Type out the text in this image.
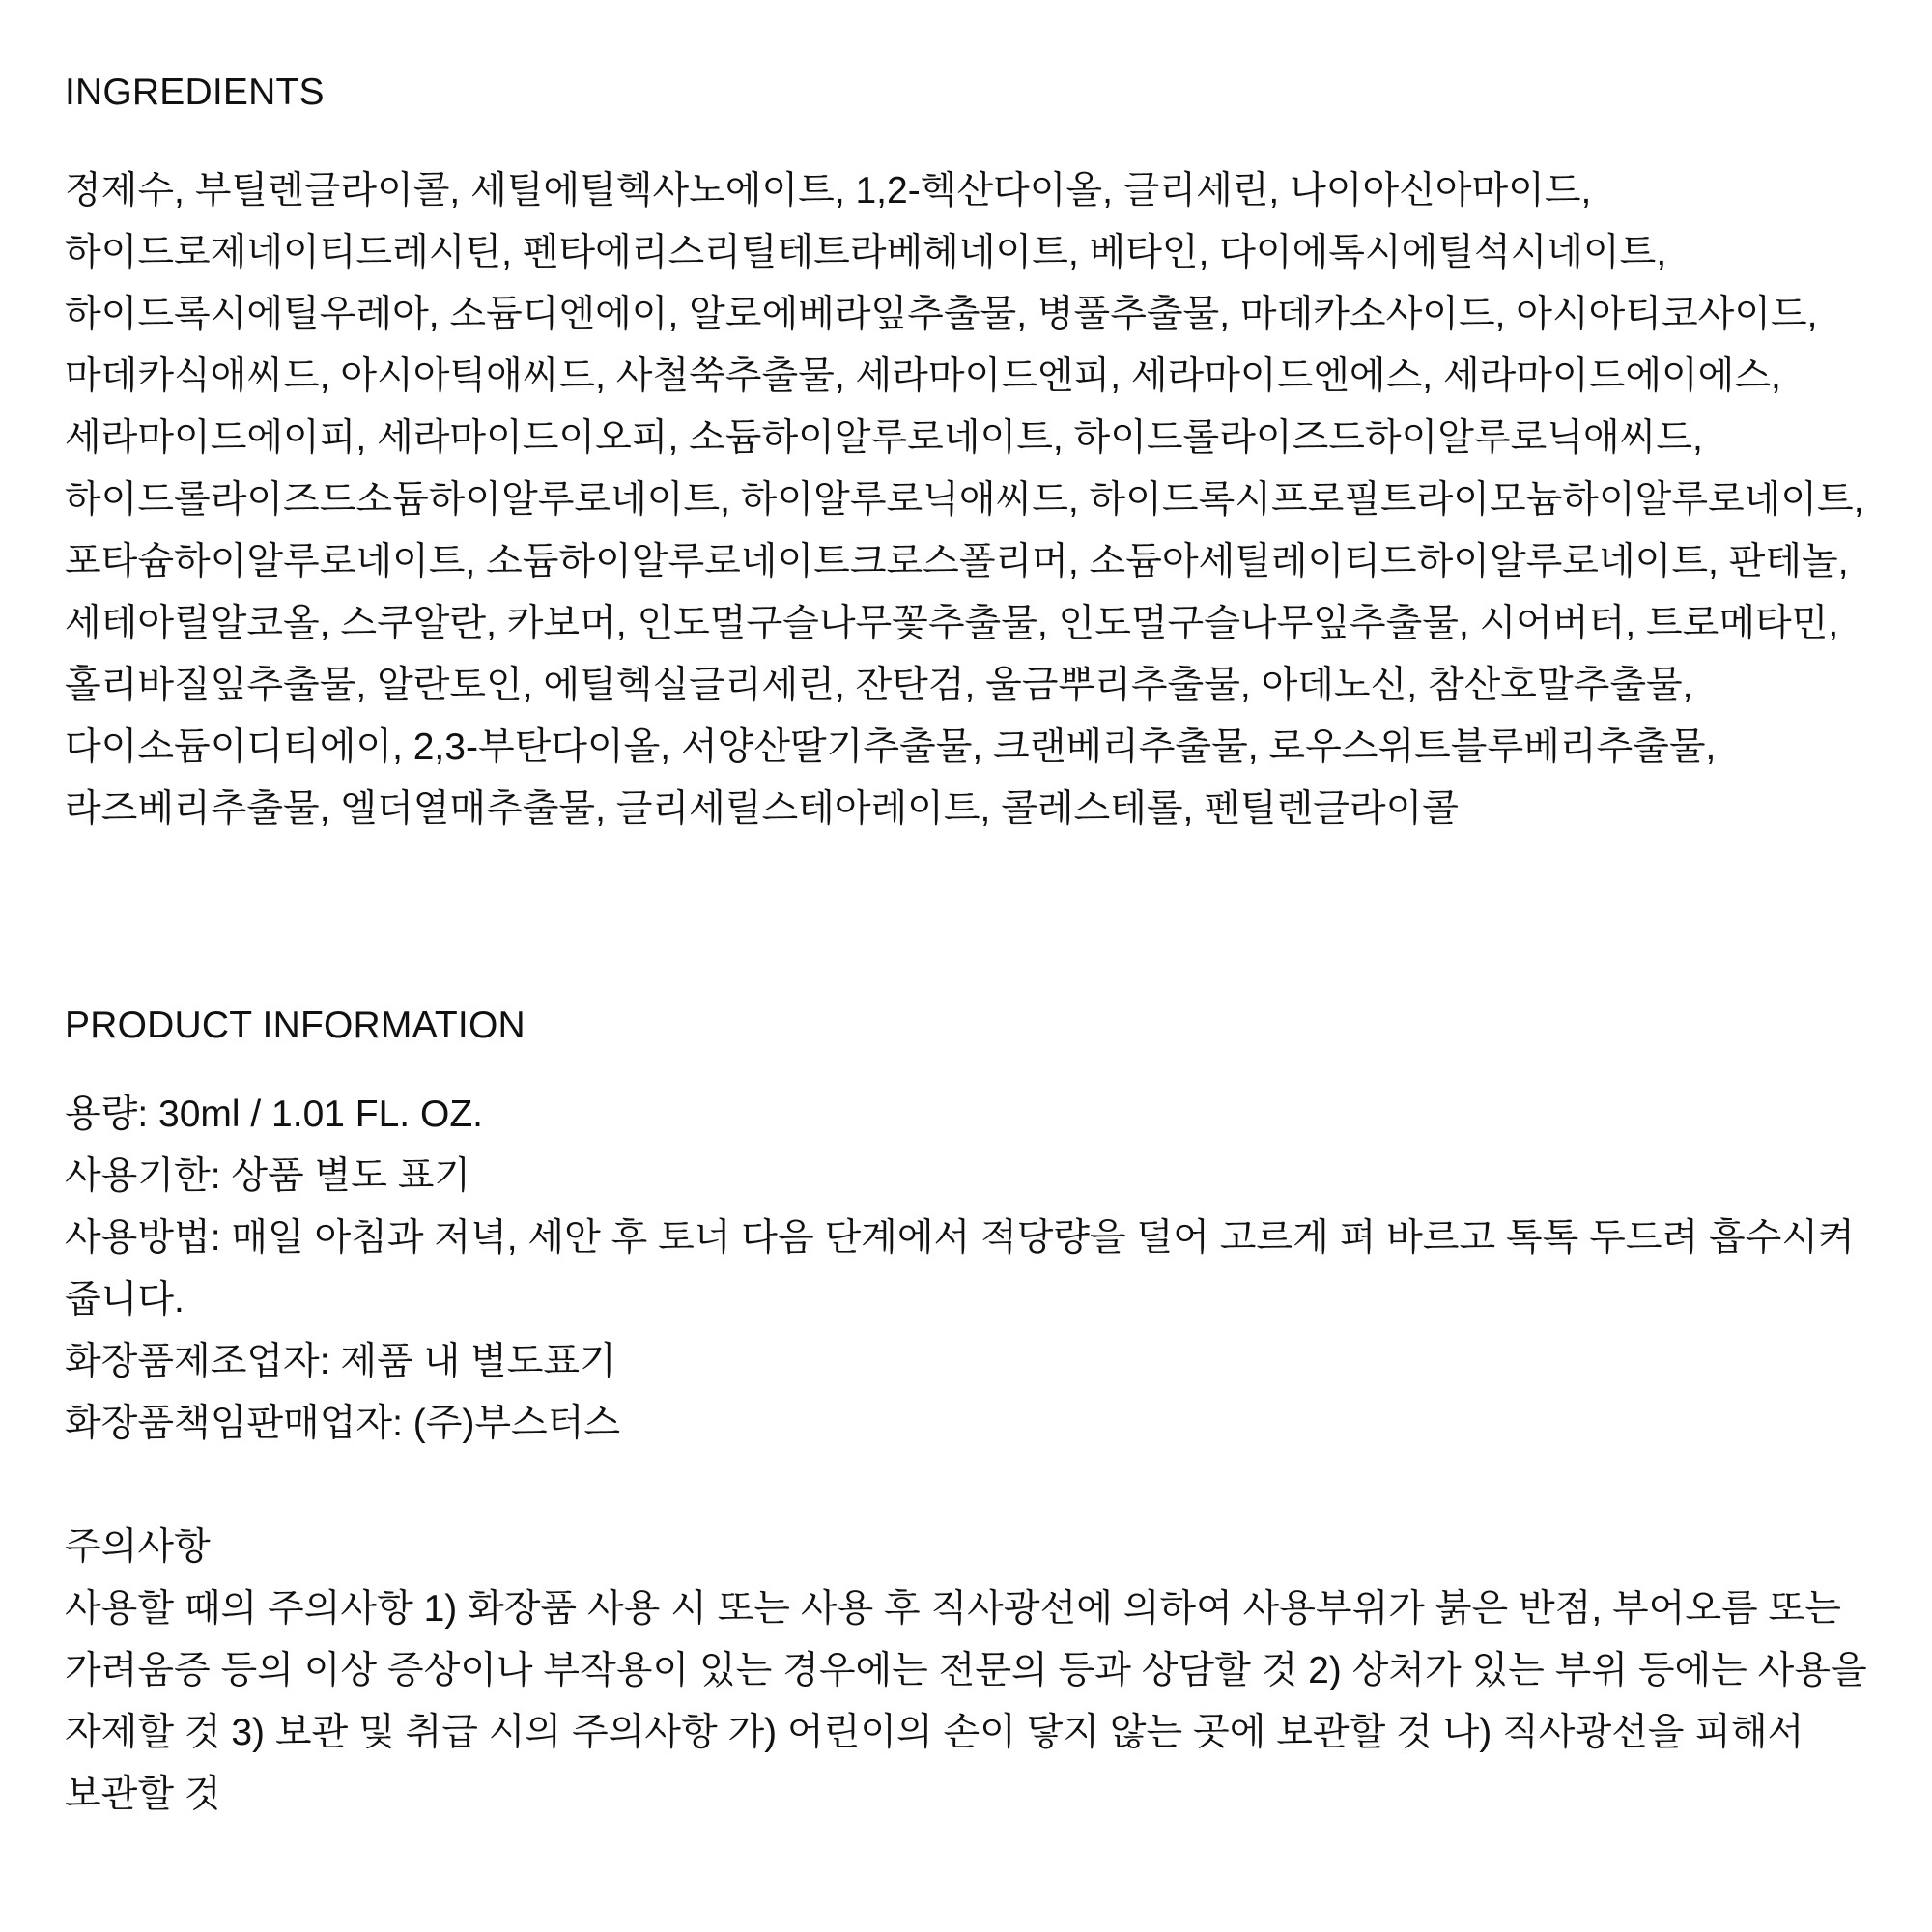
INGREDIENTS
정제수, 부틸렌글라이콜, 세틸에틸헥사노에이트, 1,2-헥산다이올, 글리세린, 나이아신아마이드,
하이드로제네이티드레시틴, 펜타에리스리틸테트라베헤네이트, 베타인, 다이에톡시에틸석시네이트,
하이드록시에틸우레아, 소듐디엔에이, 알로에베라잎추출물, 병풀추출물, 마데카소사이드, 아시아티코사이드,
마데카식애씨드, 아시아틱애씨드, 사철쑥추출물, 세라마이드엔피, 세라마이드엔에스, 세라마이드에이에스,
세라마이드에이피, 세라마이드이오피, 소듐하이알루로네이트, 하이드롤라이즈드하이알루로닉애씨드,
하이드롤라이즈드소듐하이알루로네이트, 하이알루로닉애씨드, 하이드록시프로필트라이모늄하이알루로네이트,
포타슘하이알루로네이트, 소듐하이알루로네이트크로스폴리머, 소듐아세틸레이티드하이알루로네이트, 판테놀,
세테아릴알코올, 스쿠알란, 카보머, 인도멀구슬나무꽃추출물, 인도멀구슬나무잎추출물, 시어버터, 트로메타민,
홀리바질잎추출물, 알란토인, 에틸헥실글리세린, 잔탄검, 울금뿌리추출물, 아데노신, 참산호말추출물,
다이소듐이디티에이, 2,3-부탄다이올, 서양산딸기추출물, 크랜베리추출물, 로우스위트블루베리추출물,
라즈베리추출물, 엘더열매추출물, 글리세릴스테아레이트, 콜레스테롤, 펜틸렌글라이콜
PRODUCT INFORMATION
용량: 30ml / 1.01 FL. OZ.
사용기한: 상품 별도 표기
사용방법: 매일 아침과 저녁, 세안 후 토너 다음 단계에서 적당량을 덜어 고르게 펴 바르고 톡톡 두드려 흡수시켜
줍니다.
화장품제조업자: 제품 내 별도표기
화장품책임판매업자: (주)부스터스
주의사항
사용할 때의 주의사항 1) 화장품 사용 시 또는 사용 후 직사광선에 의하여 사용부위가 붉은 반점, 부어오름 또는
가려움증 등의 이상 증상이나 부작용이 있는 경우에는 전문의 등과 상담할 것 2) 상처가 있는 부위 등에는 사용을
자제할 것 3) 보관 및 취급 시의 주의사항 가) 어린이의 손이 닿지 않는 곳에 보관할 것 나) 직사광선을 피해서
보관할 것
